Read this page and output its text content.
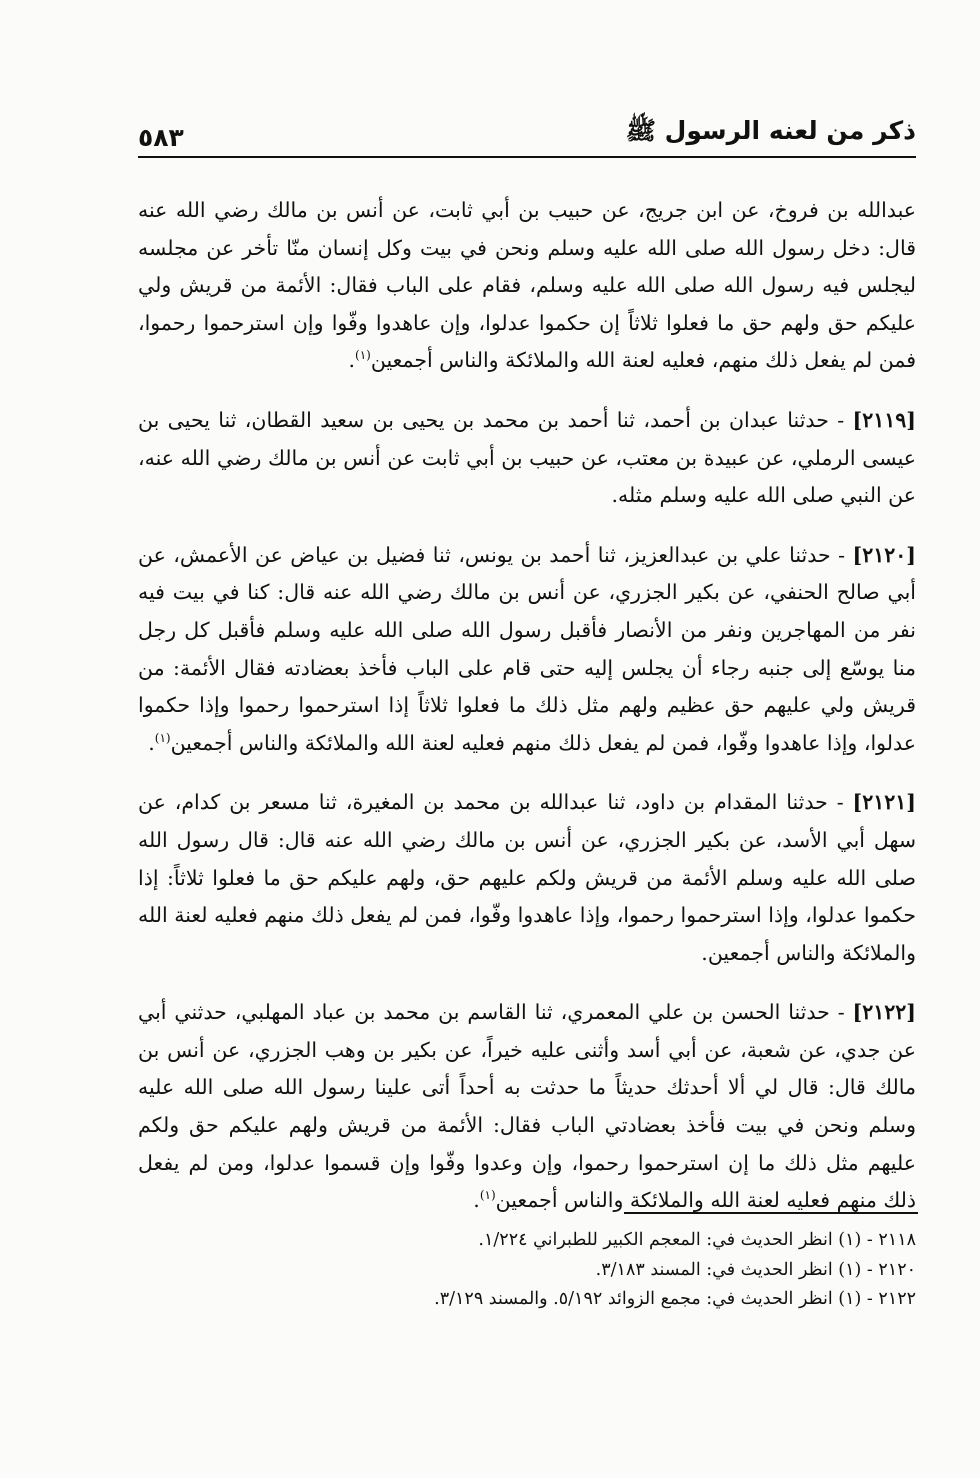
ذكر من لعنه الرسول ﷺ
٥٨٣

عبدالله بن فروخ، عن ابن جريج، عن حبيب بن أبي ثابت، عن أنس بن مالك رضي الله عنه قال: دخل رسول الله صلى الله عليه وسلم ونحن في بيت وكل إنسان منّا تأخر عن مجلسه ليجلس فيه رسول الله صلى الله عليه وسلم، فقام على الباب فقال: الأئمة من قريش ولي عليكم حق ولهم حق ما فعلوا ثلاثاً إن حكموا عدلوا، وإن عاهدوا وفّوا وإن استرحموا رحموا، فمن لم يفعل ذلك منهم، فعليه لعنة الله والملائكة والناس أجمعين$^{(١)}$.

[٢١١٩] - حدثنا عبدان بن أحمد، ثنا أحمد بن محمد بن يحيى بن سعيد القطان، ثنا يحيى بن عيسى الرملي، عن عبيدة بن معتب، عن حبيب بن أبي ثابت عن أنس بن مالك رضي الله عنه، عن النبي صلى الله عليه وسلم مثله.

[٢١٢٠] - حدثنا علي بن عبدالعزيز، ثنا أحمد بن يونس، ثنا فضيل بن عياض عن الأعمش، عن أبي صالح الحنفي، عن بكير الجزري، عن أنس بن مالك رضي الله عنه قال: كنا في بيت فيه نفر من المهاجرين ونفر من الأنصار فأقبل رسول الله صلى الله عليه وسلم فأقبل كل رجل منا يوسّع إلى جنبه رجاء أن يجلس إليه حتى قام على الباب فأخذ بعضادته فقال الأئمة: من قريش ولي عليهم حق عظيم ولهم مثل ذلك ما فعلوا ثلاثاً إذا استرحموا رحموا وإذا حكموا عدلوا، وإذا عاهدوا وفّوا، فمن لم يفعل ذلك منهم فعليه لعنة الله والملائكة والناس أجمعين$^{(١)}$.

[٢١٢١] - حدثنا المقدام بن داود، ثنا عبدالله بن محمد بن المغيرة، ثنا مسعر بن كدام، عن سهل أبي الأسد، عن بكير الجزري، عن أنس بن مالك رضي الله عنه قال: قال رسول الله صلى الله عليه وسلم الأئمة من قريش ولكم عليهم حق، ولهم عليكم حق ما فعلوا ثلاثاً: إذا حكموا عدلوا، وإذا استرحموا رحموا، وإذا عاهدوا وفّوا، فمن لم يفعل ذلك منهم فعليه لعنة الله والملائكة والناس أجمعين.

[٢١٢٢] - حدثنا الحسن بن علي المعمري، ثنا القاسم بن محمد بن عباد المهلبي، حدثني أبي عن جدي، عن شعبة، عن أبي أسد وأثنى عليه خيراً، عن بكير بن وهب الجزري، عن أنس بن مالك قال: قال لي ألا أحدثك حديثاً ما حدثت به أحداً أتى علينا رسول الله صلى الله عليه وسلم ونحن في بيت فأخذ بعضادتي الباب فقال: الأئمة من قريش ولهم عليكم حق ولكم عليهم مثل ذلك ما إن استرحموا رحموا، وإن وعدوا وفّوا وإن قسموا عدلوا، ومن لم يفعل ذلك منهم فعليه لعنة الله والملائكة والناس أجمعين$^{(١)}$.

٢١١٨ - (١) انظر الحديث في: المعجم الكبير للطبراني ١/٢٢٤.

٢١٢٠ - (١) انظر الحديث في: المسند ٣/١٨٣.

٢١٢٢ - (١) انظر الحديث في: مجمع الزوائد ٥/١٩٢. والمسند ٣/١٢٩.
